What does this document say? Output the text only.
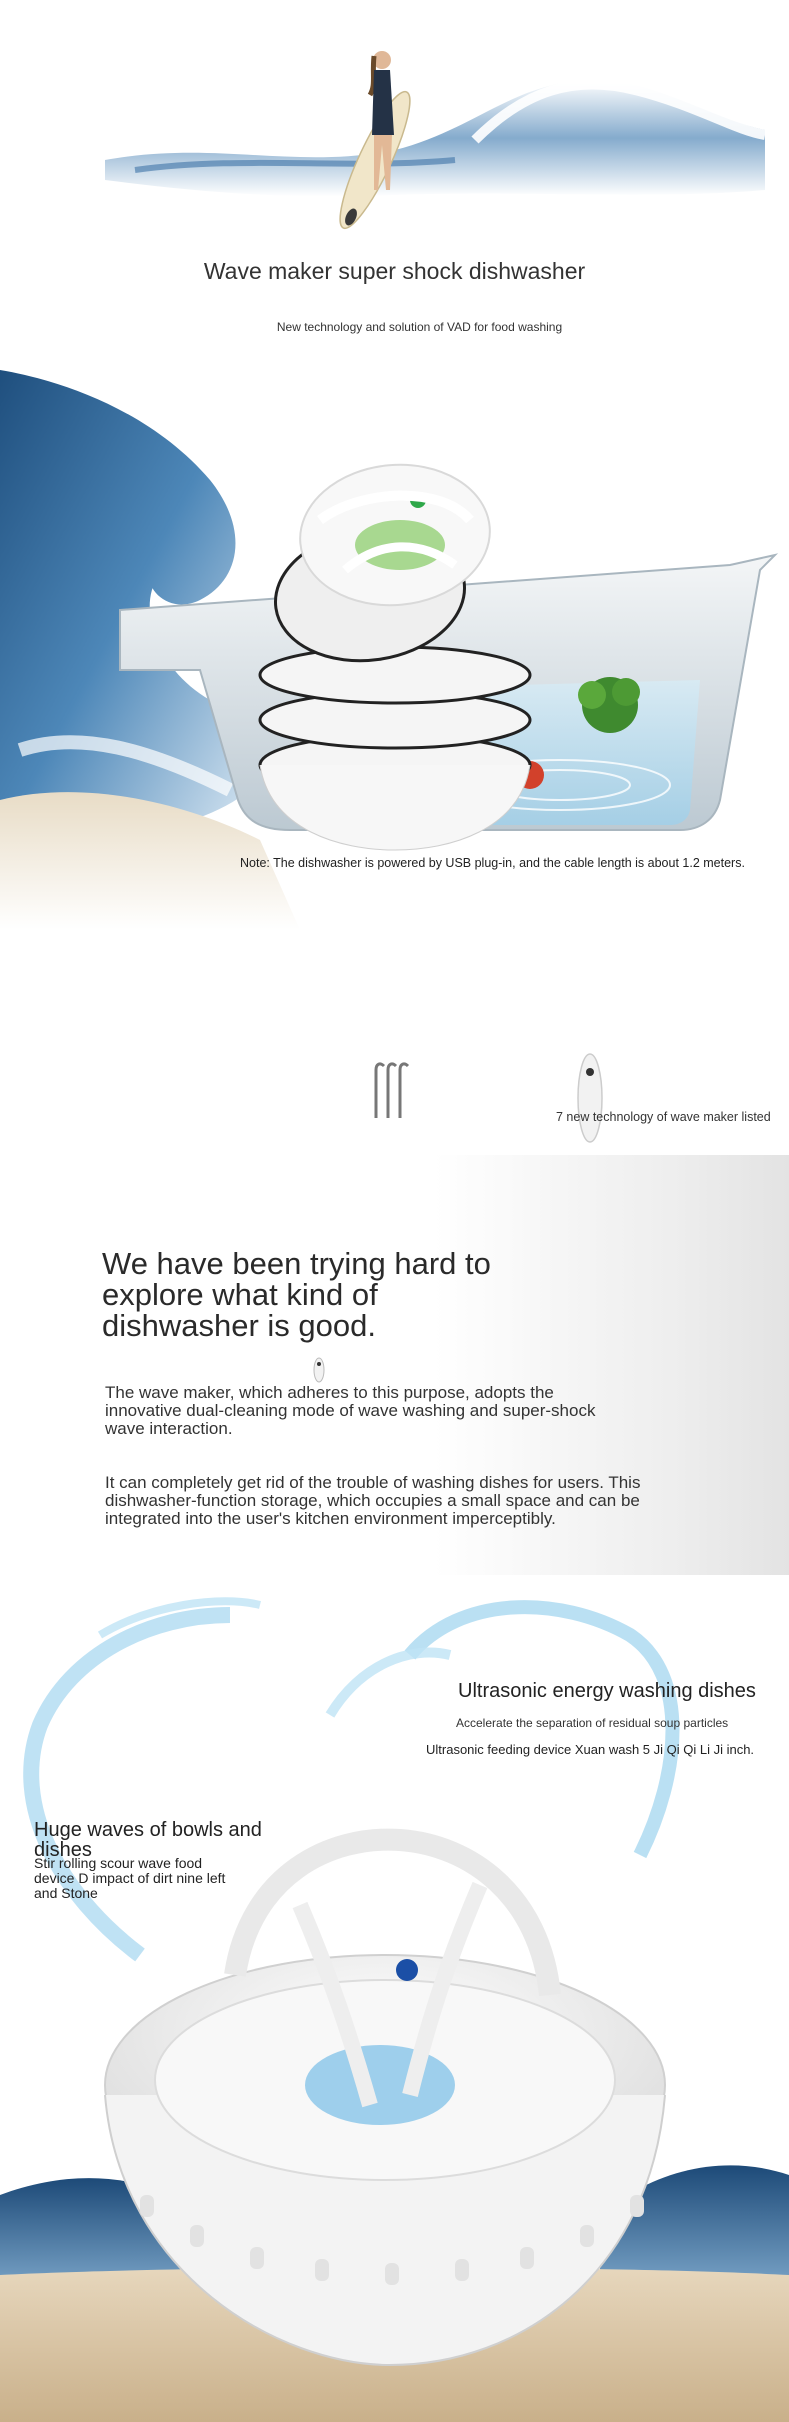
Wave maker super shock dishwasher
New technology and solution of VAD for food washing
Note: The dishwasher is powered by USB plug-in, and the cable length is about 1.2 meters.
7 new technology of wave maker listed
We have been trying hard to explore what kind of dishwasher is good.
The wave maker, which adheres to this purpose, adopts the innovative dual-cleaning mode of wave washing and super-shock wave interaction.
It can completely get rid of the trouble of washing dishes for users. This dishwasher-function storage, which occupies a small space and can be integrated into the user's kitchen environment imperceptibly.
Ultrasonic energy washing dishes
Accelerate the separation of residual soup particles
Ultrasonic feeding device Xuan wash 5 Ji Qi Qi Li Ji inch.
Huge waves of bowls and dishes
Stir rolling scour wave food device D impact of dirt nine left and Stone
